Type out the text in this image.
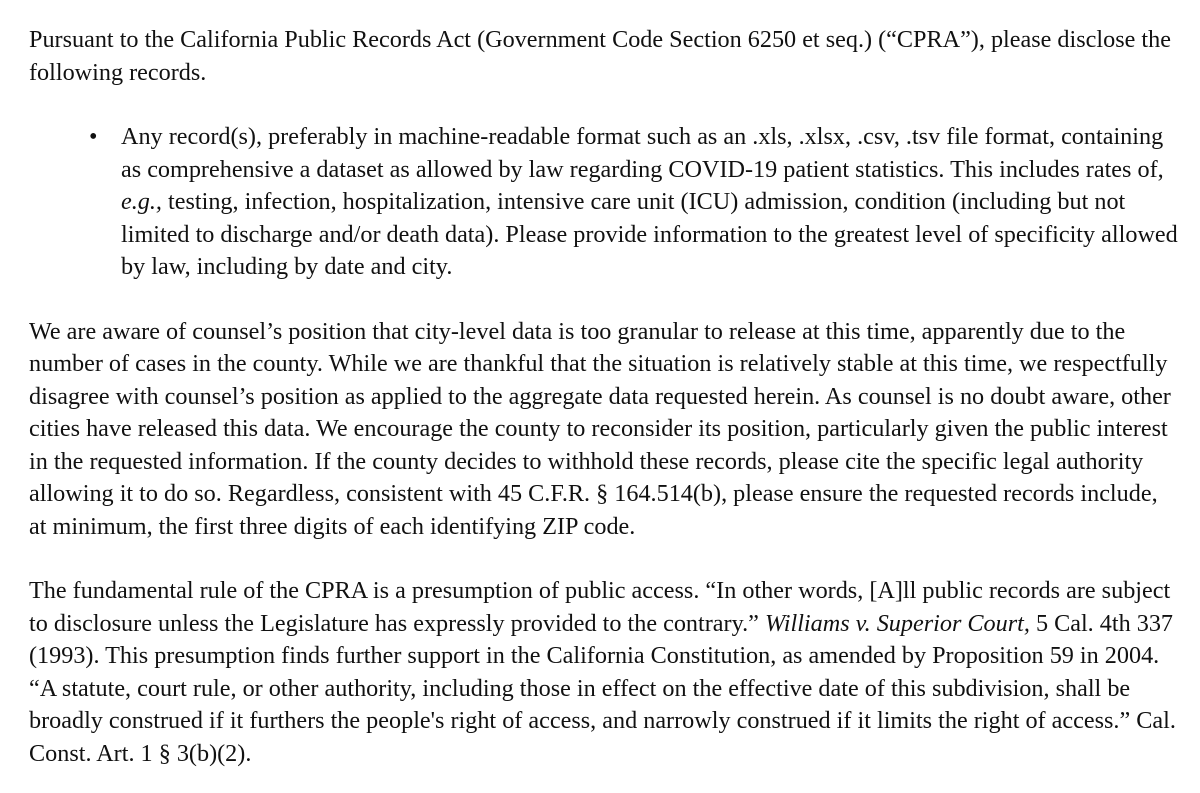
Pursuant to the California Public Records Act (Government Code Section 6250 et seq.) (“CPRA”), please disclose the following records.

• Any record(s), preferably in machine-readable format such as an .xls, .xlsx, .csv, .tsv file format, containing as comprehensive a dataset as allowed by law regarding COVID-19 patient statistics. This includes rates of, e.g., testing, infection, hospitalization, intensive care unit (ICU) admission, condition (including but not limited to discharge and/or death data). Please provide information to the greatest level of specificity allowed by law, including by date and city.

We are aware of counsel’s position that city-level data is too granular to release at this time, apparently due to the number of cases in the county. While we are thankful that the situation is relatively stable at this time, we respectfully disagree with counsel’s position as applied to the aggregate data requested herein. As counsel is no doubt aware, other cities have released this data. We encourage the county to reconsider its position, particularly given the public interest in the requested information. If the county decides to withhold these records, please cite the specific legal authority allowing it to do so. Regardless, consistent with 45 C.F.R. § 164.514(b), please ensure the requested records include, at minimum, the first three digits of each identifying ZIP code.

The fundamental rule of the CPRA is a presumption of public access. “In other words, [A]ll public records are subject to disclosure unless the Legislature has expressly provided to the contrary.” Williams v. Superior Court, 5 Cal. 4th 337 (1993). This presumption finds further support in the California Constitution, as amended by Proposition 59 in 2004. “A statute, court rule, or other authority, including those in effect on the effective date of this subdivision, shall be broadly construed if it furthers the people's right of access, and narrowly construed if it limits the right of access.” Cal. Const. Art. 1 § 3(b)(2).
